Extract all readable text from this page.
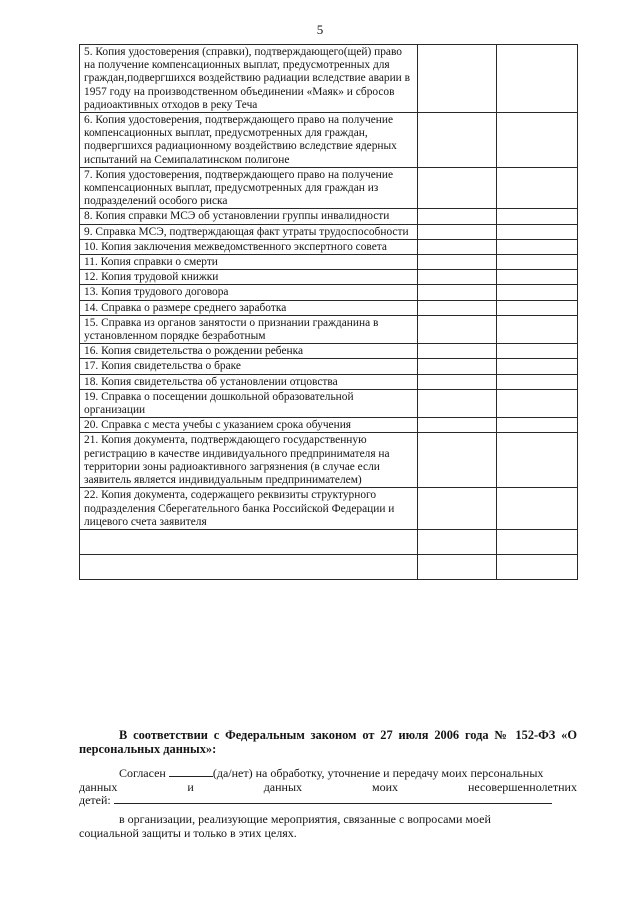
5
5. Копия удостоверения (справки), подтверждающего(щей) право на получение компенсационных выплат, предусмотренных для граждан,подвергшихся воздействию радиации вследствие аварии в 1957 году на производственном объединении «Маяк» и сбросов радиоактивных отходов в реку Теча		
6. Копия удостоверения, подтверждающего право на получение компенсационных выплат, предусмотренных для граждан, подвергшихся радиационному воздействию вследствие ядерных испытаний на Семипалатинском полигоне		
7. Копия удостоверения, подтверждающего право на получение компенсационных выплат, предусмотренных для граждан из подразделений особого риска		
8. Копия справки МСЭ об установлении группы инвалидности		
9. Справка МСЭ, подтверждающая факт утраты трудоспособности		
10. Копия заключения межведомственного экспертного совета		
11. Копия справки о смерти		
12. Копия трудовой книжки		
13. Копия трудового договора		
14. Справка о размере среднего заработка		
15. Справка из органов занятости о признании гражданина в установленном порядке безработным		
16. Копия свидетельства о рождении ребенка		
17. Копия свидетельства о браке		
18. Копия свидетельства об установлении отцовства		
19. Справка о посещении дошкольной образовательной организации		
20. Справка с места учебы с указанием срока обучения		
21. Копия документа, подтверждающего государственную регистрацию в качестве индивидуального предпринимателя на территории зоны радиоактивного загрязнения (в случае если заявитель является индивидуальным предпринимателем)		
22. Копия документа, содержащего реквизиты структурного подразделения Сберегательного банка Российской Федерации и лицевого счета заявителя		

В соответствии с Федеральным законом от 27 июля 2006 года № 152-ФЗ «О персональных данных»:
Согласен	(да/нет) на обработку, уточнение и передачу моих персональных
данных	и	данных	моих	несовершеннолетних
детей:
в организации, реализующие мероприятия, связанные с вопросами моей
социальной защиты и только в этих целях.
